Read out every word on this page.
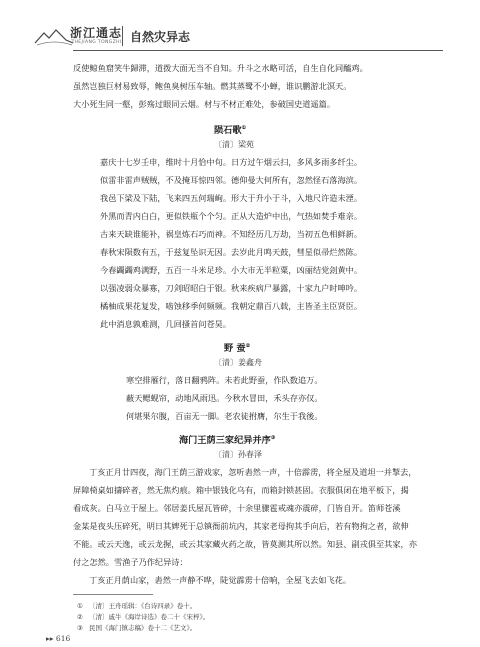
浙江通志
ZHEJIANG TONGZHI 自然灾异志
反使鲸鱼窟笑牛歸滞，道拨大面无当不自知。升斗之水略可活，自生自化同醯鸡。
虽然岂独巨材易致辱，鲍鱼臭树压车轴。燃其蒸鹭不小蝉，谁识鹏游北溟天。
大小死生同一壑，彭殇过眼同云烟。材与不材正难处，参破国史道遥篇。
陨石歌①
〔清〕梁苑
嘉庆十七岁壬申，维时十月恰中旬。日方过午烟云扫，多风多雨多纤尘。
似雷非雷声贼贼，不及掩耳惊四邻。德仰曼大何所有，忽然怪石落海滨。
我邑下梁及下陆，飞来四五何瑞峋。形大于升小于斗，入地尺许造未湮。
外黑而青内白白，更似铁瓶个个匀。正从大造炉中出，气热如焚手难亲。
古来天缺谁能补，祸皇炼石巧而神。不知经历几万劫，当初五色相鲜新。
春秋宋陨数有五，于兹复坠识无因。去岁此月鸣天鼓，彗星似帚烂然陈。
今春蠲蠲鸡满野，五百一斗米足珍。小大市无半粒粟，凶丽结党刽黄中。
以强凌弱众暴寡，刀剑昭昭白于银。秋来疾病尸暴露，十家九户时呻吟。
橘柚成果花复发，啮蚀移季何频频。我朝定鼎百八载，主皆圣主臣贤臣。
此中消息孰难测，几回搔首问苍昊。
野 蚕②
〔清〕姜鑫舟
寒空排雁行，落日翻鸦阵。未若此野蚕，作队数追万。
蔽天鳃蚬帘，动地风雨迅。今秋水冒田，禾头存亦仅。
何堪果尔腹，百亩无一脚。老农徒拊膺，尔生于我後。
海门王荫三家纪异并序③
〔清〕孙春泽
丁亥正月廿四夜，海门王荫三游戏家，忽听砉然一声，十倍霹雳，将全屋及道坦一并掣去，
屏障椅桌如擣碎者，然无焦灼痕。箱中银钱化乌有，而箱封锁甚固。衣服俱闭在地平板下，揭
看成灰。白马立于屋上。邻居姜氏屋瓦皆碎，十余里骤雹戒魂亦震碎，门皆自开。笛师苍溪
金某是夜头压碎死，明日其婢死于总镇衙前坑内，其家老母拘其手向后，若有物拘之者，欲伸
不能。或云天逸，或云龙握，或云其家藏火药之故，皆莫测其所以然。知县、副戎俱至其家，亦
付之怎然。雪渔子乃作纪异诗：
丁亥正月荫山家，砉然一声静不哗，陡觉霹雳十倍响，全屋飞去如飞花。
① 〔清〕王舟瑶辑：《台诗四录》卷十。
② 〔清〕戚牛《海岸诗选》卷二十《宋梓》。
③ 民国《海门镇志稿》卷十二《艺文》。
▸▸ 616
